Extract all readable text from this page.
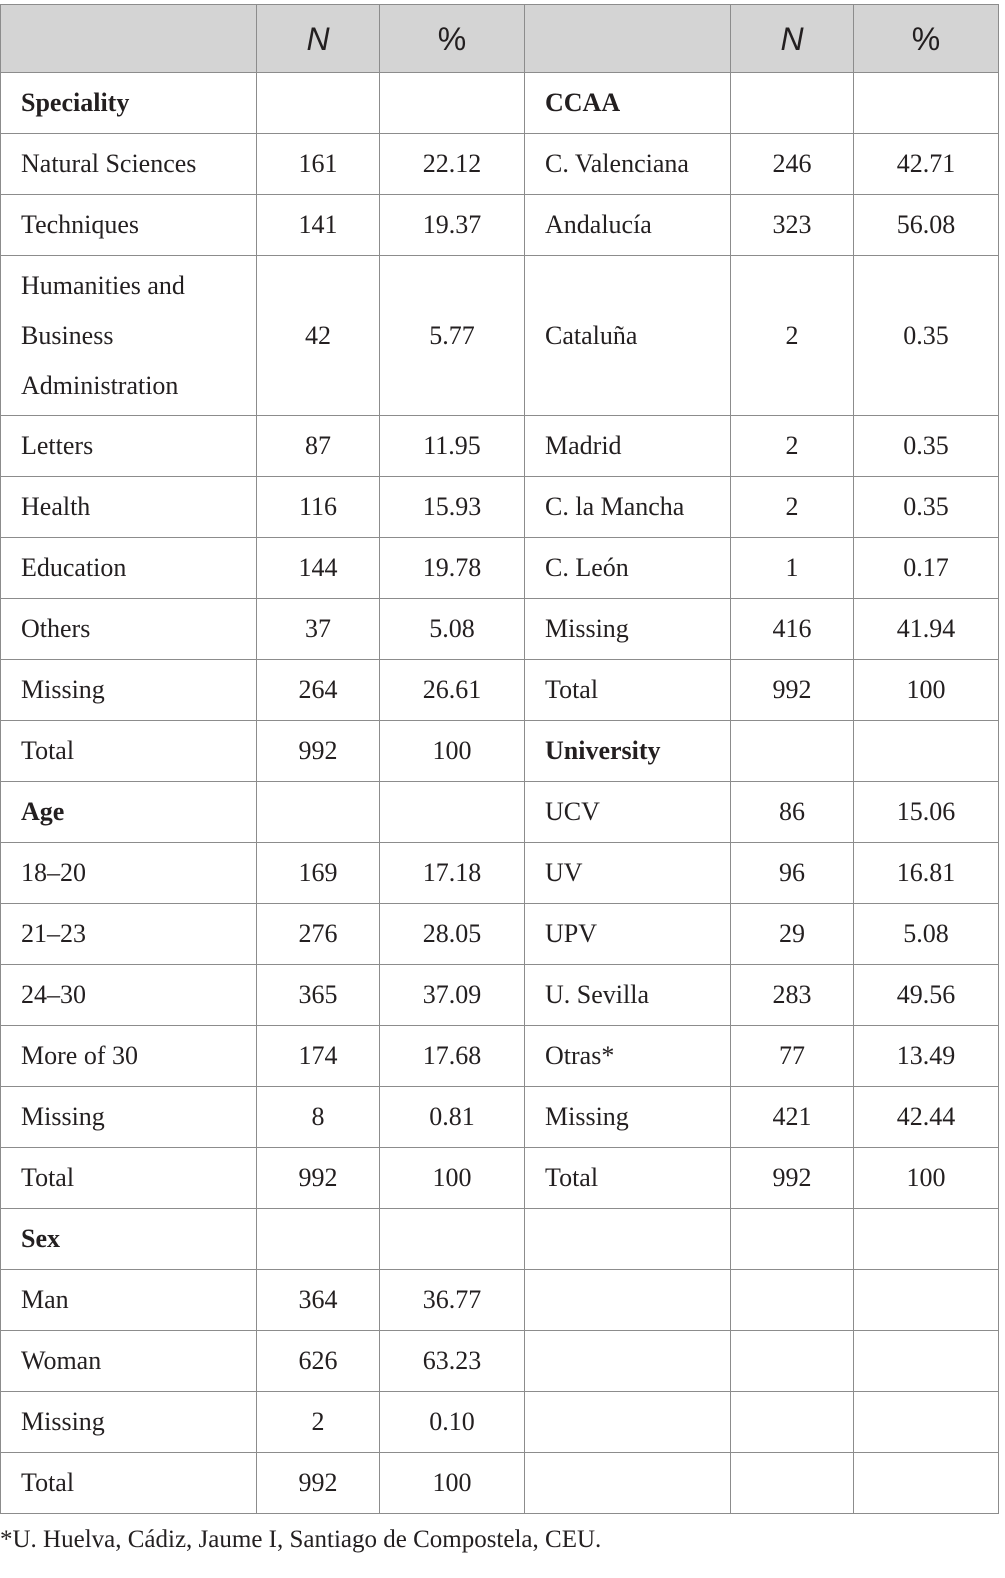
	N	%		N	%
Speciality			CCAA		
Natural Sciences	161	22.12	C. Valenciana	246	42.71
Techniques	141	19.37	Andalucía	323	56.08
Humanities and Business Administration	42	5.77	Cataluña	2	0.35
Letters	87	11.95	Madrid	2	0.35
Health	116	15.93	C. la Mancha	2	0.35
Education	144	19.78	C. León	1	0.17
Others	37	5.08	Missing	416	41.94
Missing	264	26.61	Total	992	100
Total	992	100	University		
Age			UCV	86	15.06
18–20	169	17.18	UV	96	16.81
21–23	276	28.05	UPV	29	5.08
24–30	365	37.09	U. Sevilla	283	49.56
More of 30	174	17.68	Otras*	77	13.49
Missing	8	0.81	Missing	421	42.44
Total	992	100	Total	992	100
Sex					
Man	364	36.77			
Woman	626	63.23			
Missing	2	0.10			
Total	992	100			
*U. Huelva, Cádiz, Jaume I, Santiago de Compostela, CEU.
